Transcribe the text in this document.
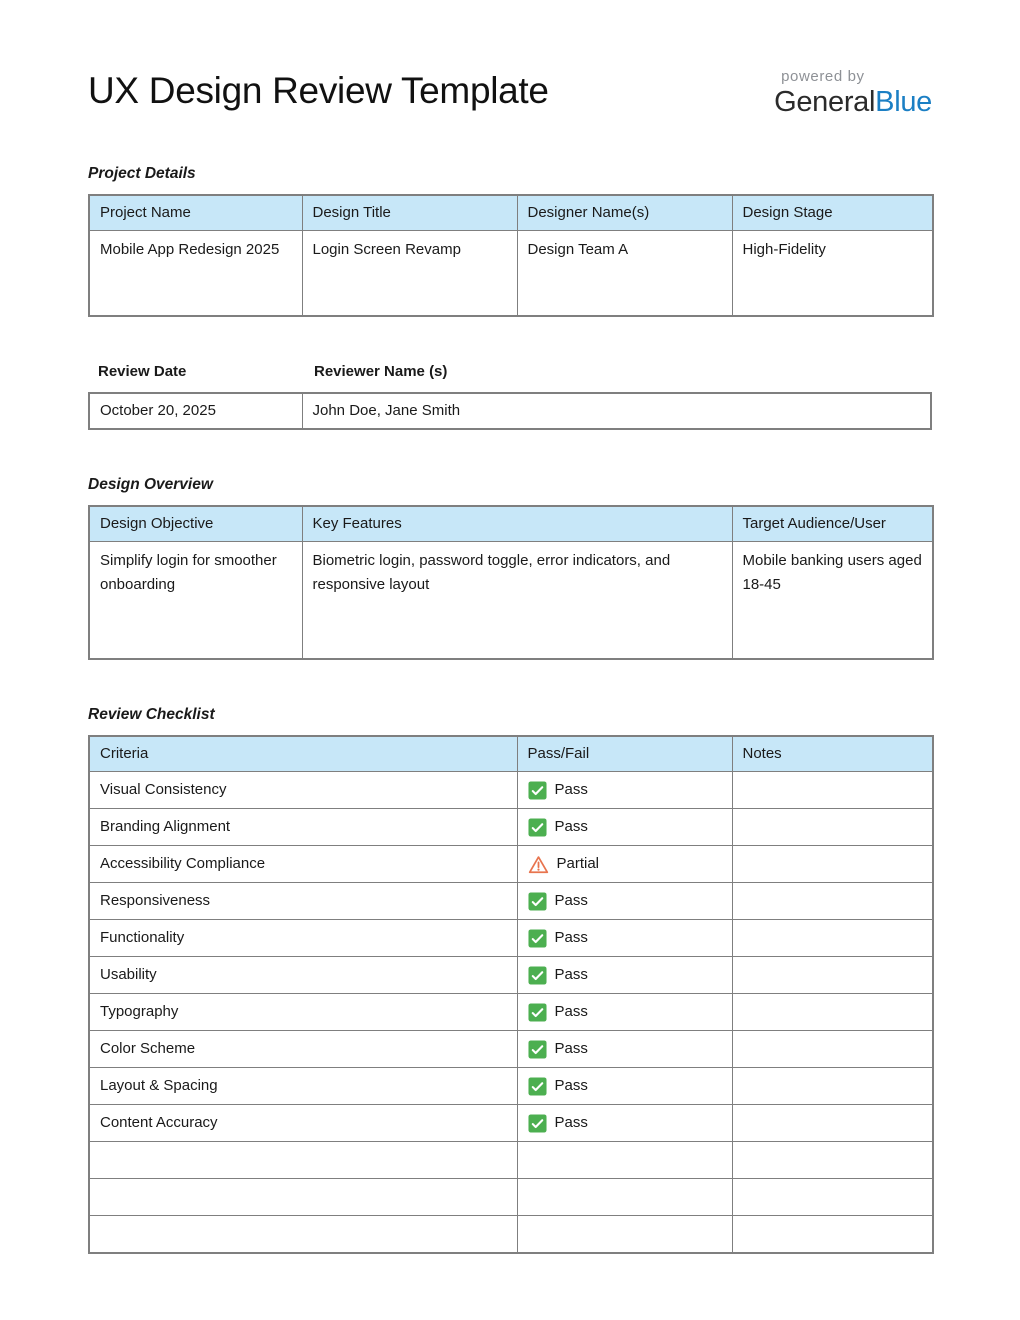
UX Design Review Template	powered by
GeneralBlue
Project Details
Project Name	Design Title	Designer Name(s)	Design Stage
Mobile App Redesign 2025	Login Screen Revamp	Design Team A	High-Fidelity
Review Date	Reviewer Name (s)
October 20, 2025	John Doe, Jane Smith
Design Overview
Design Objective	Key Features	Target Audience/User
Simplify login for smoother onboarding	Biometric login, password toggle, error indicators, and responsive layout	Mobile banking users aged 18-45
Review Checklist
Criteria	Pass/Fail	Notes
Visual Consistency	Pass	

Branding Alignment	Pass	

Accessibility Compliance	Partial	

Responsiveness	Pass	

Functionality	Pass	

Usability	Pass	

Typography	Pass	

Color Scheme	Pass	

Layout & Spacing	Pass	

Content Accuracy	Pass	
